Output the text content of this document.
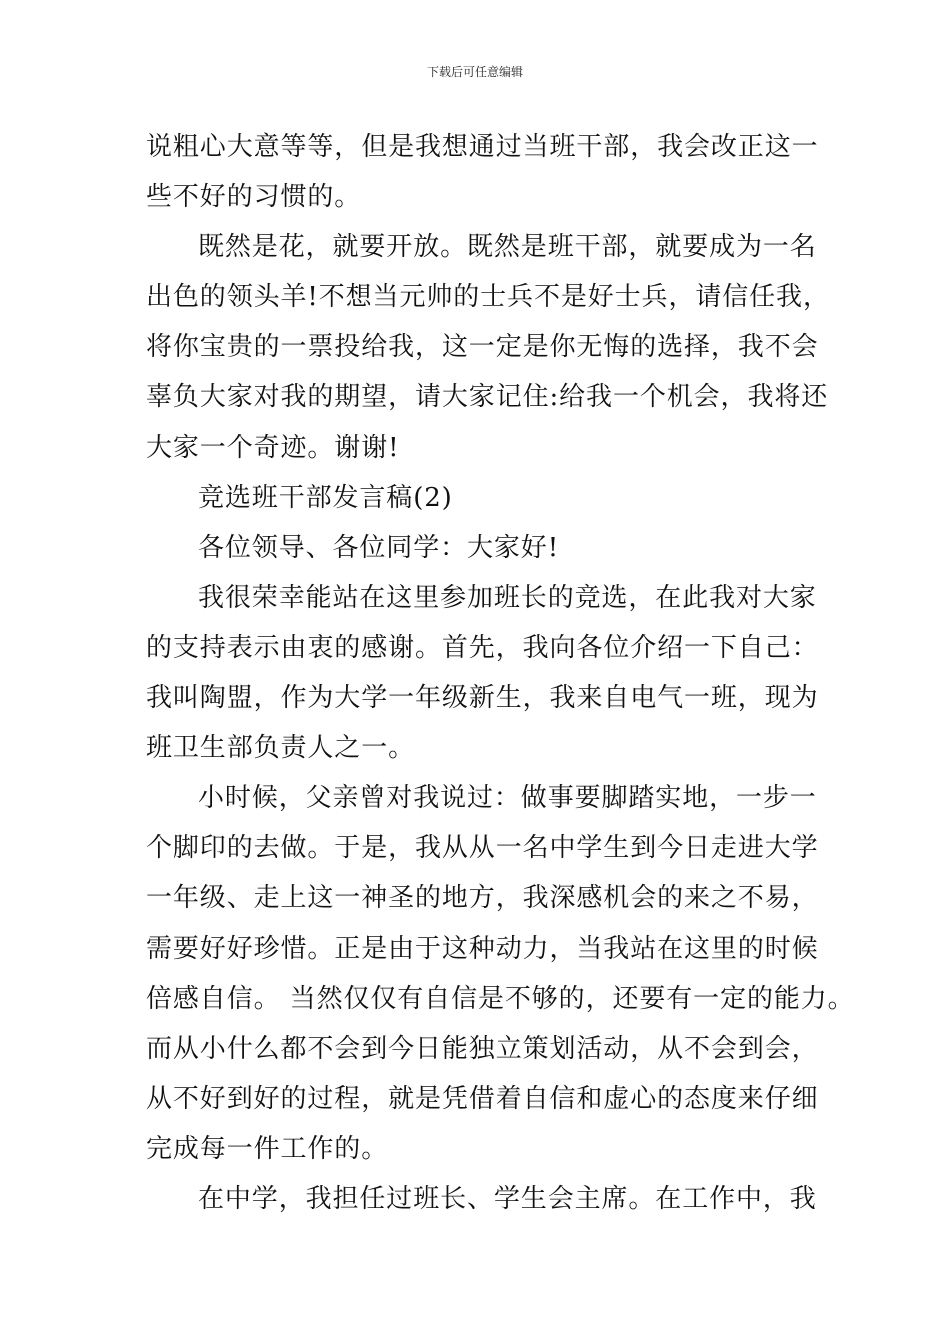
下载后可任意编辑
说粗心大意等等，但是我想通过当班干部，我会改正这一
些不好的习惯的。
既然是花，就要开放。既然是班干部，就要成为一名
出色的领头羊!不想当元帅的士兵不是好士兵，请信任我，
将你宝贵的一票投给我，这一定是你无悔的选择，我不会
辜负大家对我的期望，请大家记住:给我一个机会，我将还
大家一个奇迹。谢谢!
竞选班干部发言稿(2)
各位领导、各位同学：大家好!
我很荣幸能站在这里参加班长的竞选，在此我对大家
的支持表示由衷的感谢。首先，我向各位介绍一下自己：
我叫陶盟，作为大学一年级新生，我来自电气一班，现为
班卫生部负责人之一。
小时候，父亲曾对我说过：做事要脚踏实地，一步一
个脚印的去做。于是，我从从一名中学生到今日走进大学
一年级、走上这一神圣的地方，我深感机会的来之不易，
需要好好珍惜。正是由于这种动力，当我站在这里的时候
倍感自信。 当然仅仅有自信是不够的，还要有一定的能力。
而从小什么都不会到今日能独立策划活动，从不会到会，
从不好到好的过程，就是凭借着自信和虚心的态度来仔细
完成每一件工作的。
在中学，我担任过班长、学生会主席。在工作中，我
